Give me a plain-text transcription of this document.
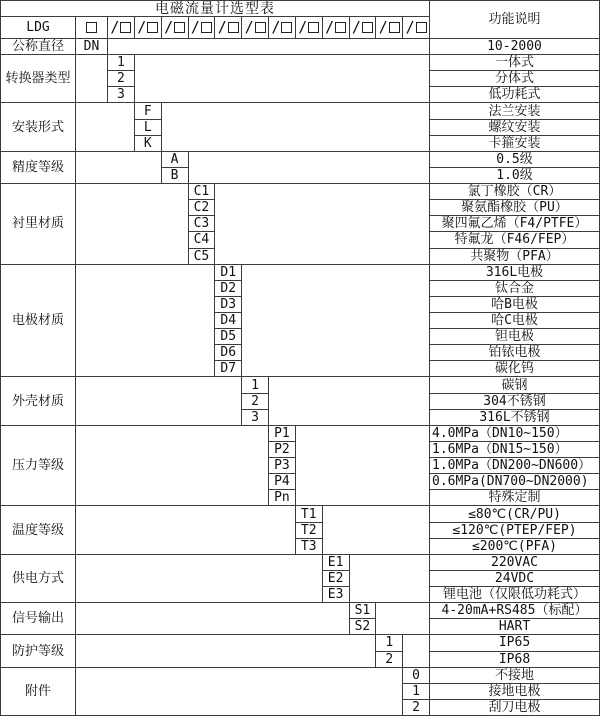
电磁流量计选型表
功能说明
LDG
公称直径	DN	10-2000
/ / / / / / / / / / / /
转换器类型
1	一体式
2	分体式
3	低功耗式
安装形式
F	法兰安装
L	螺纹安装
K	卡箍安装
精度等级
A	0.5级
B	1.0级
衬里材质
C1	氯丁橡胶（CR）
C2	聚氨酯橡胶（PU）
C3	聚四氟乙烯（F4/PTFE）
C4	特氟龙（F46/FEP）
C5	共聚物（PFA）
电极材质
D1	316L电极
D2	钛合金
D3	哈B电极
D4	哈C电极
D5	钽电极
D6	铂铱电极
D7	碳化钨
外壳材质
1	碳钢
2	304不锈钢
3	316L不锈钢
压力等级
P1	4.0MPa（DN10~150）
P2	1.6MPa（DN15~150）
P3	1.0MPa（DN200~DN600）
P4	0.6MPa(DN700~DN2000)
Pn	特殊定制
温度等级
T1	≤80℃(CR/PU)
T2	≤120℃(PTEP/FEP)
T3	≤200℃(PFA)
供电方式
E1	220VAC
E2	24VDC
E3	锂电池（仅限低功耗式）
信号输出
S1	4-20mA+RS485（标配）
S2	HART
防护等级
1	IP65
2	IP68
附件
0	不接地
1	接地电极
2	刮刀电极
